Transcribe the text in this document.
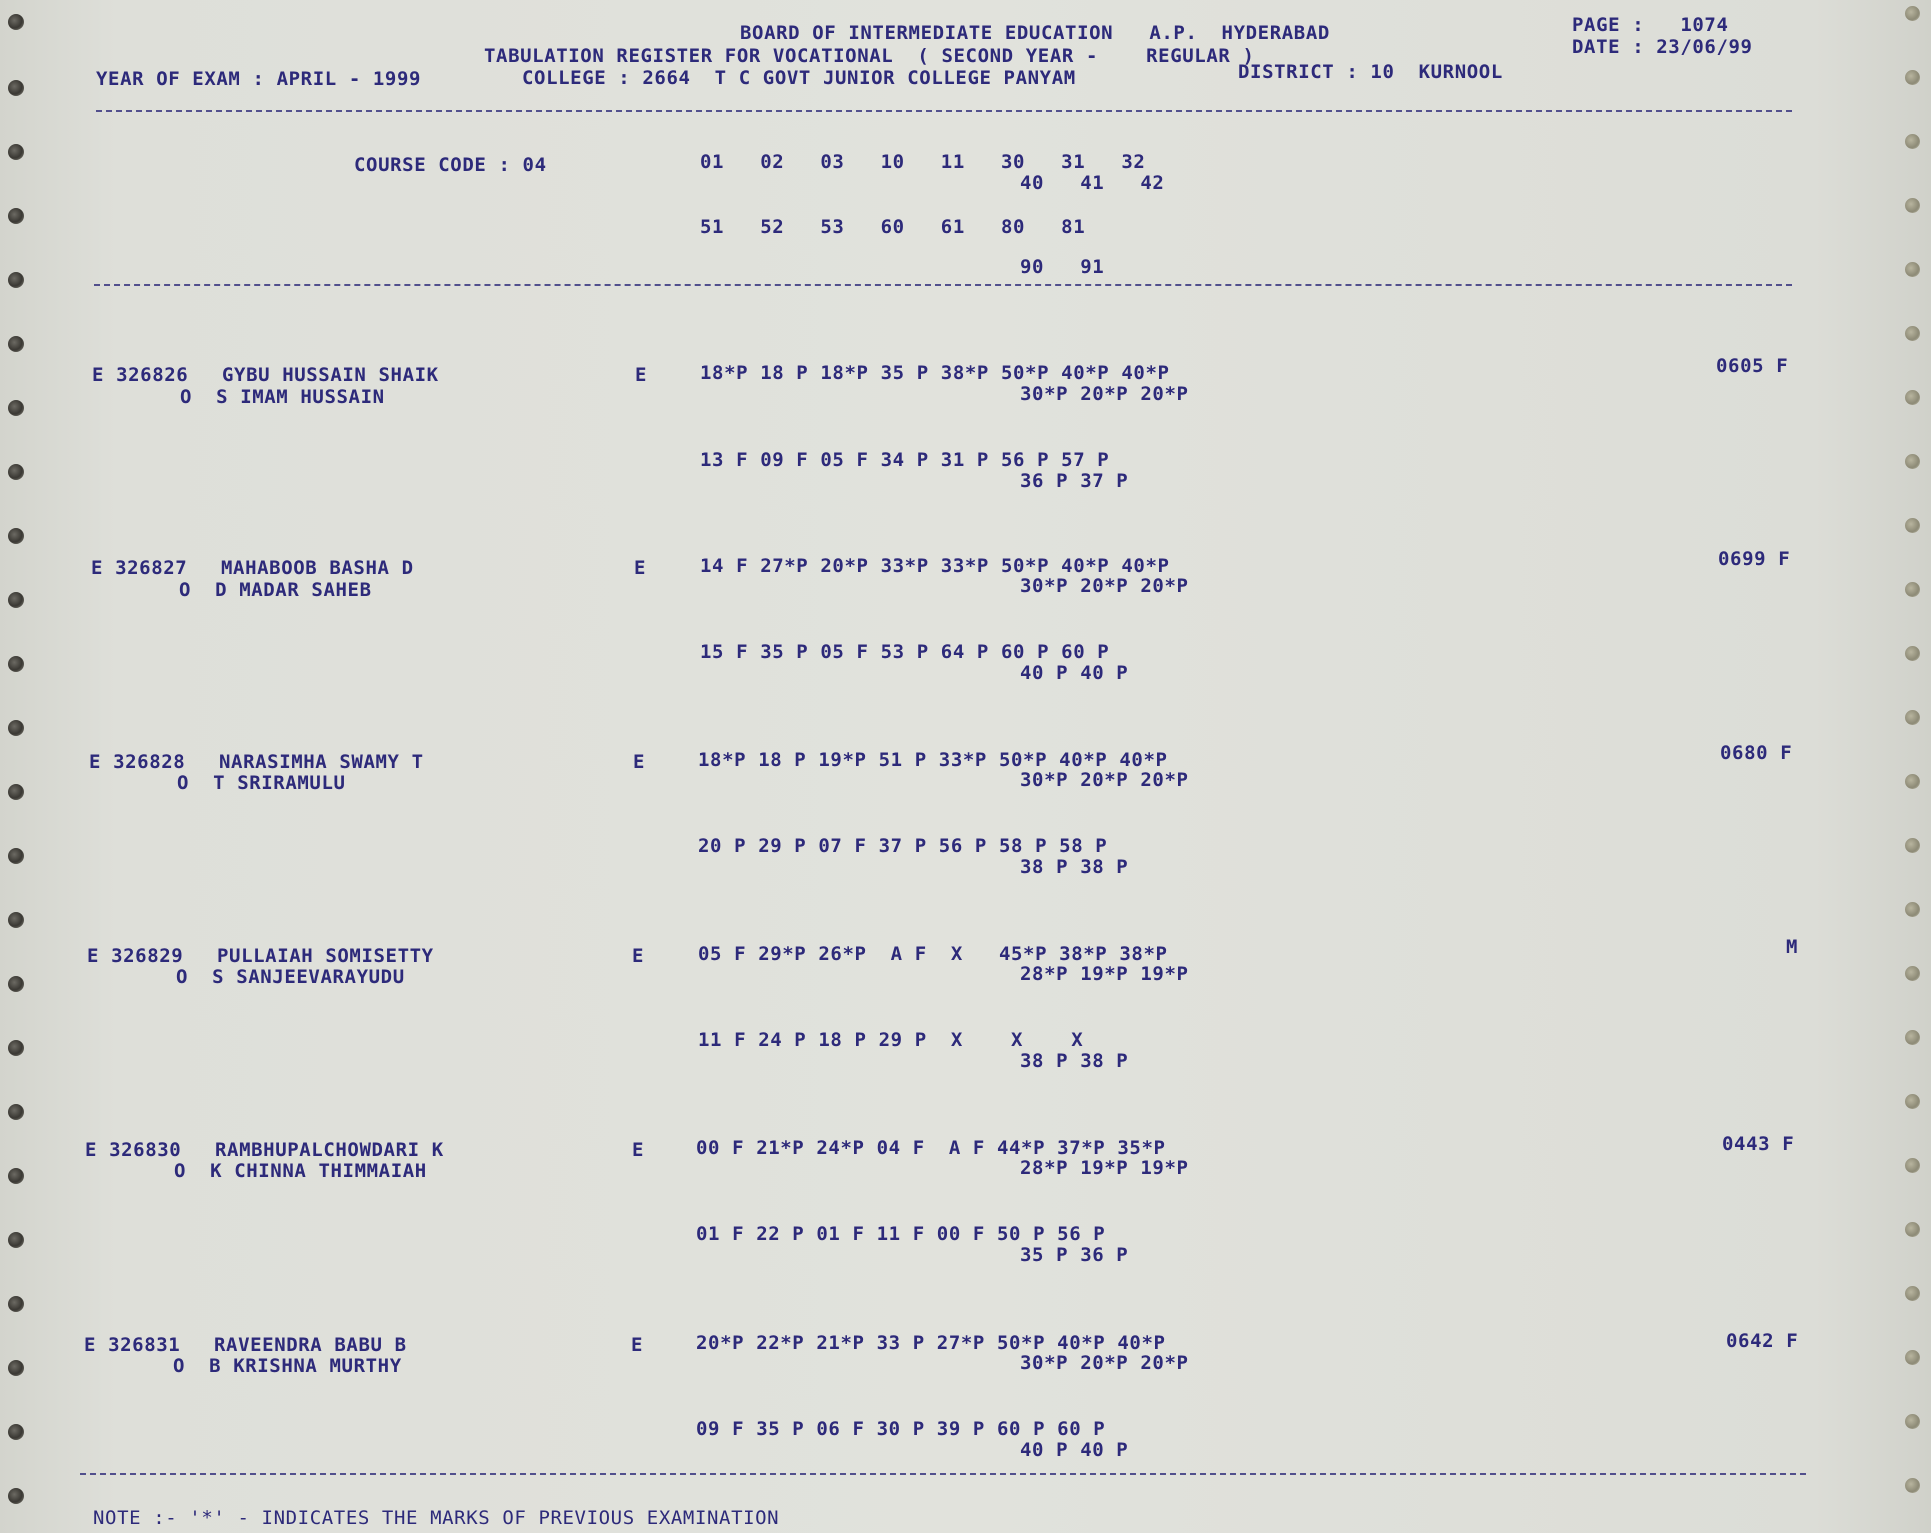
BOARD OF INTERMEDIATE EDUCATION   A.P.  HYDERABAD
TABULATION REGISTER FOR VOCATIONAL  ( SECOND YEAR -    REGULAR )
YEAR OF EXAM : APRIL - 1999	COLLEGE : 2664  T C GOVT JUNIOR COLLEGE PANYAM	DISTRICT : 10  KURNOOL
PAGE :   1074
DATE : 23/06/99
COURSE CODE : 04	01   02   03   10   11   30   31   32
40   41   42
51   52   53   60   61   80   81
90   91
E 326826 GYBU HUSSAIN SHAIK
O  S IMAM HUSSAIN
E	18*P 18 P 18*P 35 P 38*P 50*P 40*P 40*P
30*P 20*P 20*P
13 F 09 F 05 F 34 P 31 P 56 P 57 P
36 P 37 P
0605 F
E 326827 MAHABOOB BASHA D
O  D MADAR SAHEB
E	14 F 27*P 20*P 33*P 33*P 50*P 40*P 40*P
30*P 20*P 20*P
15 F 35 P 05 F 53 P 64 P 60 P 60 P
40 P 40 P
0699 F
E 326828 NARASIMHA SWAMY T
O  T SRIRAMULU
E	18*P 18 P 19*P 51 P 33*P 50*P 40*P 40*P
30*P 20*P 20*P
20 P 29 P 07 F 37 P 56 P 58 P 58 P
38 P 38 P
0680 F
E 326829 PULLAIAH SOMISETTY
O  S SANJEEVARAYUDU
E	05 F 29*P 26*P  A F  X   45*P 38*P 38*P
28*P 19*P 19*P
11 F 24 P 18 P 29 P  X    X    X
38 P 38 P
M
E 326830 RAMBHUPALCHOWDARI K
O  K CHINNA THIMMAIAH
E	00 F 21*P 24*P 04 F  A F 44*P 37*P 35*P
28*P 19*P 19*P
01 F 22 P 01 F 11 F 00 F 50 P 56 P
35 P 36 P
0443 F
E 326831 RAVEENDRA BABU B
O  B KRISHNA MURTHY
E	20*P 22*P 21*P 33 P 27*P 50*P 40*P 40*P
30*P 20*P 20*P
09 F 35 P 06 F 30 P 39 P 60 P 60 P
40 P 40 P
0642 F
NOTE :- '*' - INDICATES THE MARKS OF PREVIOUS EXAMINATION
